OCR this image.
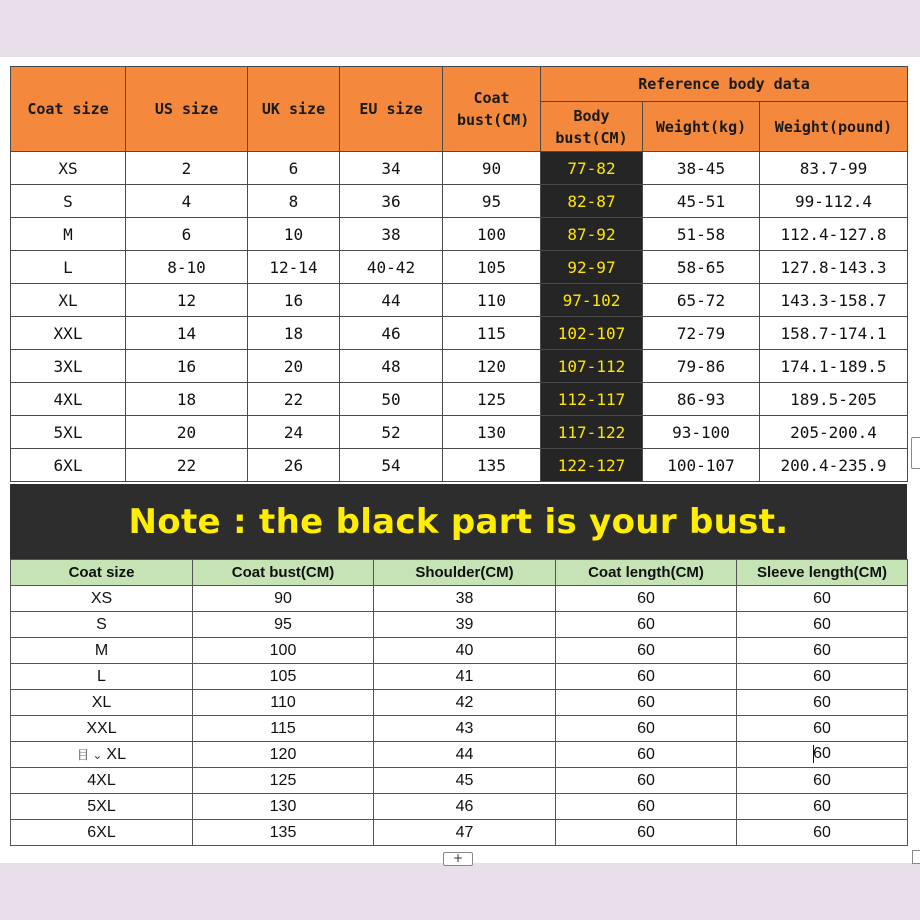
Coat size	US size	UK size	EU size	Coat bust(CM)	Reference body data		
					Body bust(CM)	Weight(kg)	Weight(pound)
XS	2	6	34	90	77-82	38-45	83.7-99
S	4	8	36	95	82-87	45-51	99-112.4
M	6	10	38	100	87-92	51-58	112.4-127.8
L	8-10	12-14	40-42	105	92-97	58-65	127.8-143.3
XL	12	16	44	110	97-102	65-72	143.3-158.7
XXL	14	18	46	115	102-107	72-79	158.7-174.1
3XL	16	20	48	120	107-112	79-86	174.1-189.5
4XL	18	22	50	125	112-117	86-93	189.5-205
5XL	20	24	52	130	117-122	93-100	205-200.4
6XL	22	26	54	135	122-127	100-107	200.4-235.9
Note : the black part is your bust.
Coat size	Coat bust(CM)	Shoulder(CM)	Coat length(CM)	Sleeve length(CM)
XS	90	38	60	60
S	95	39	60	60
M	100	40	60	60
L	105	41	60	60
XL	110	42	60	60
XXL	115	43	60	60
目 ⌄ XL	120	44	60	60
4XL	125	45	60	60
5XL	130	46	60	60
6XL	135	47	60	60
+
